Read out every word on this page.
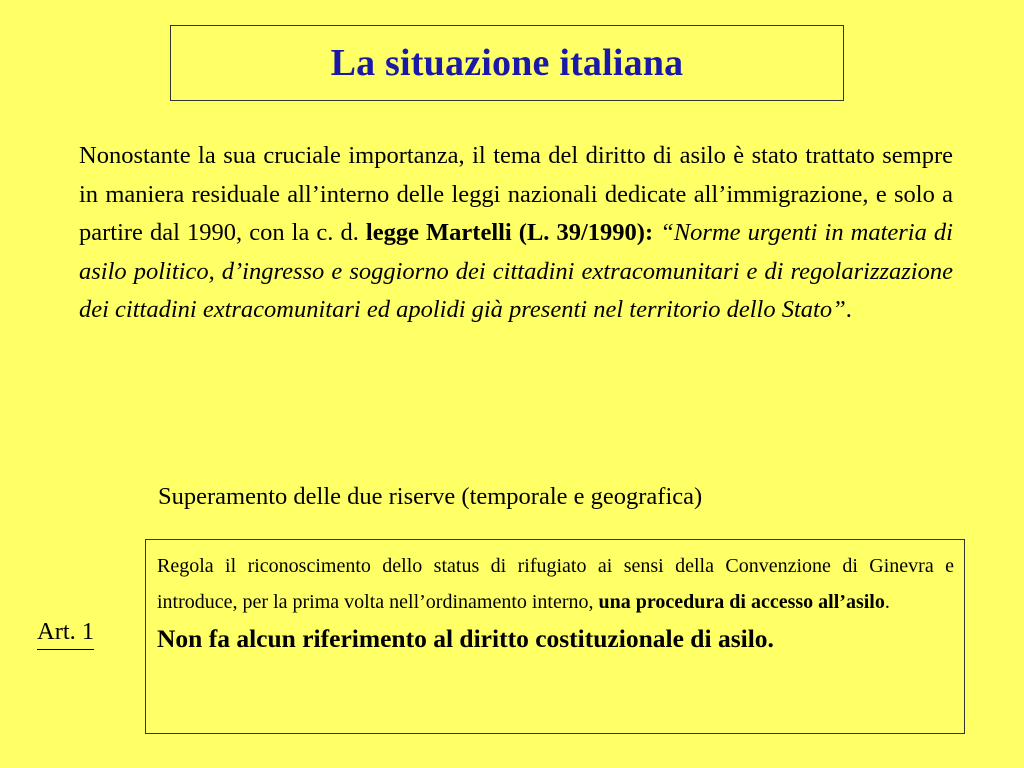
La situazione italiana

Nonostante la sua cruciale importanza, il tema del diritto di asilo è stato trattato sempre in maniera residuale all’interno delle leggi nazionali dedicate all’immigrazione, e solo a partire dal 1990, con la c. d. legge Martelli (L. 39/1990): “Norme urgenti in materia di asilo politico, d’ingresso e soggiorno dei cittadini extracomunitari e di regolarizzazione dei cittadini extracomunitari ed apolidi già presenti nel territorio dello Stato”.

Superamento delle due riserve (temporale e geografica)

Art. 1

Regola il riconoscimento dello status di rifugiato ai sensi della Convenzione di Ginevra e introduce, per la prima volta nell’ordinamento interno, una procedura di accesso all’asilo.

Non fa alcun riferimento al diritto costituzionale di asilo.
